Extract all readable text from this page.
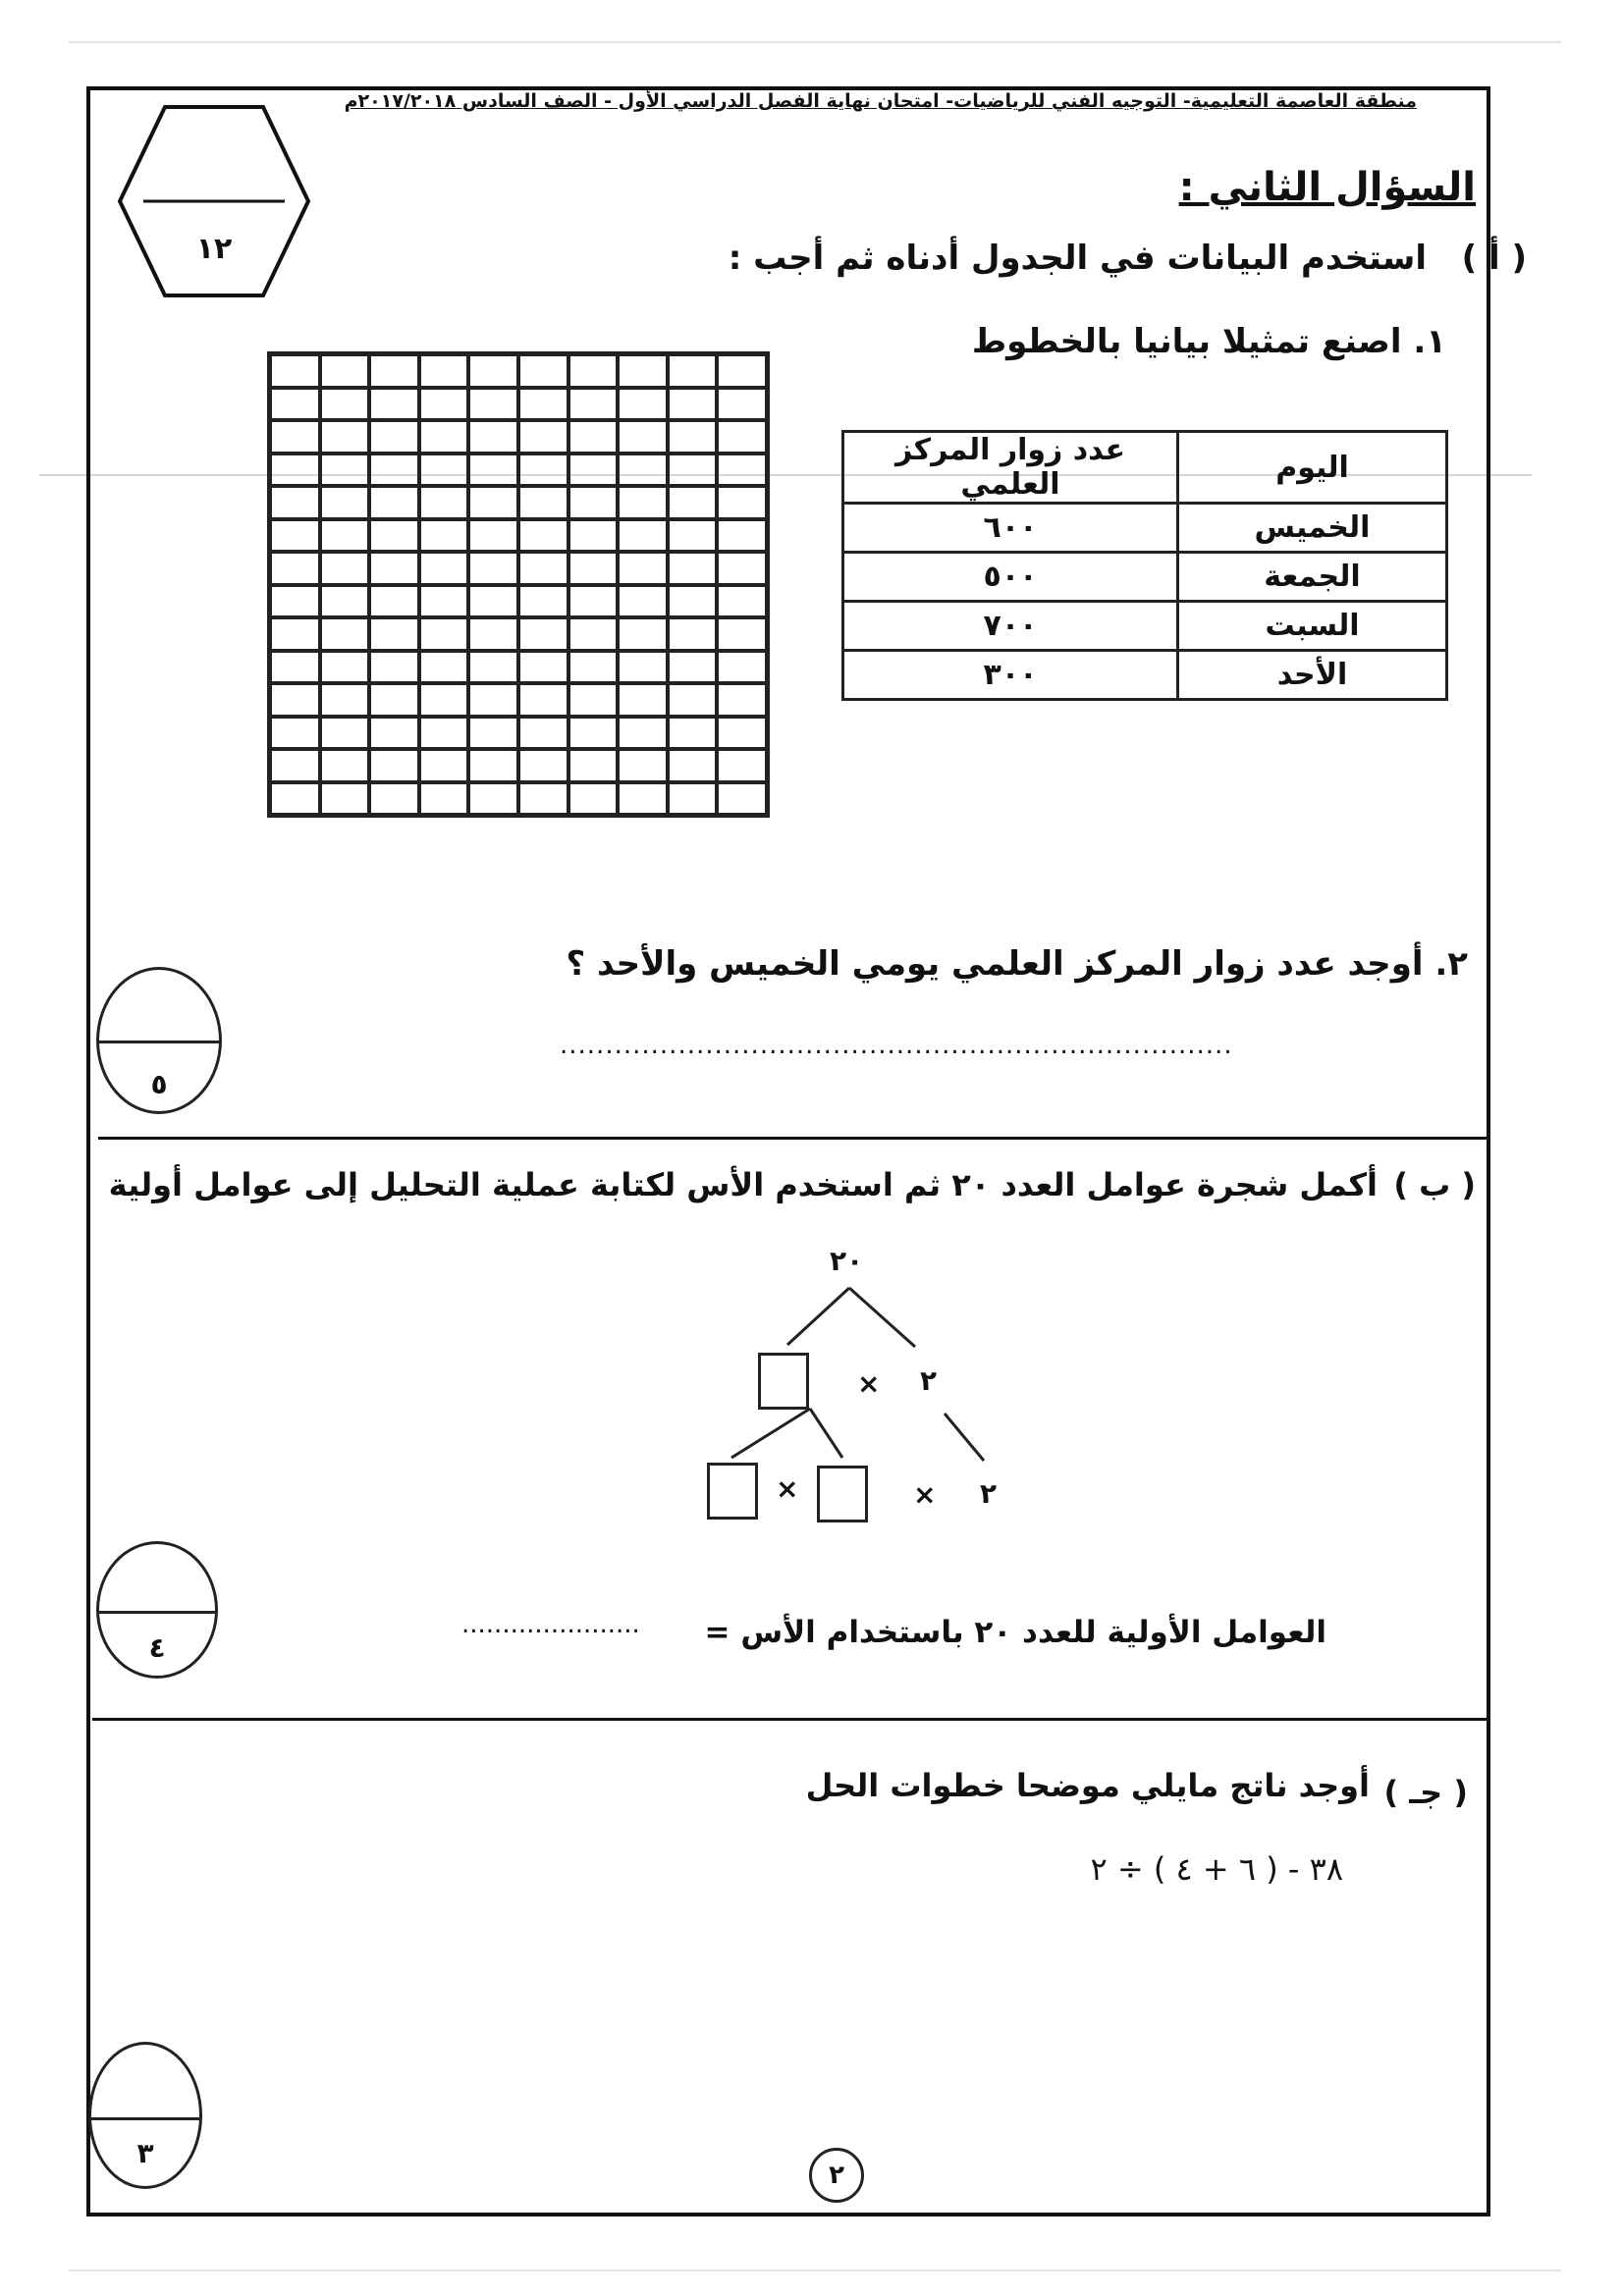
منطقة العاصمة التعليمية- التوجيه الفني للرياضيات- امتحان نهاية الفصل الدراسي الأول - الصف السادس ٢٠١٧/٢٠١٨م
١٢
السؤال الثاني :
( أ )
استخدم البيانات في الجدول أدناه ثم أجب :
١. اصنع تمثيلا بيانيا بالخطوط
اليوم	عدد زوار المركز العلمي
الخميس	٦٠٠
الجمعة	٥٠٠
السبت	٧٠٠
الأحد	٣٠٠
٢. أوجد عدد زوار المركز العلمي يومي الخميس والأحد ؟
..........................................................................
٥
( ب )
أكمل شجرة عوامل العدد ٢٠ ثم استخدم الأس لكتابة عملية التحليل إلى عوامل أولية
٢٠
× ٢
×	× ٢
العوامل الأولية للعدد ٢٠ باستخدام الأس =
......................
٤
( جـ )
أوجد ناتج مايلي موضحا خطوات الحل
٣٨ - ( ٦ + ٤ ) ÷ ٢
٣
٢
